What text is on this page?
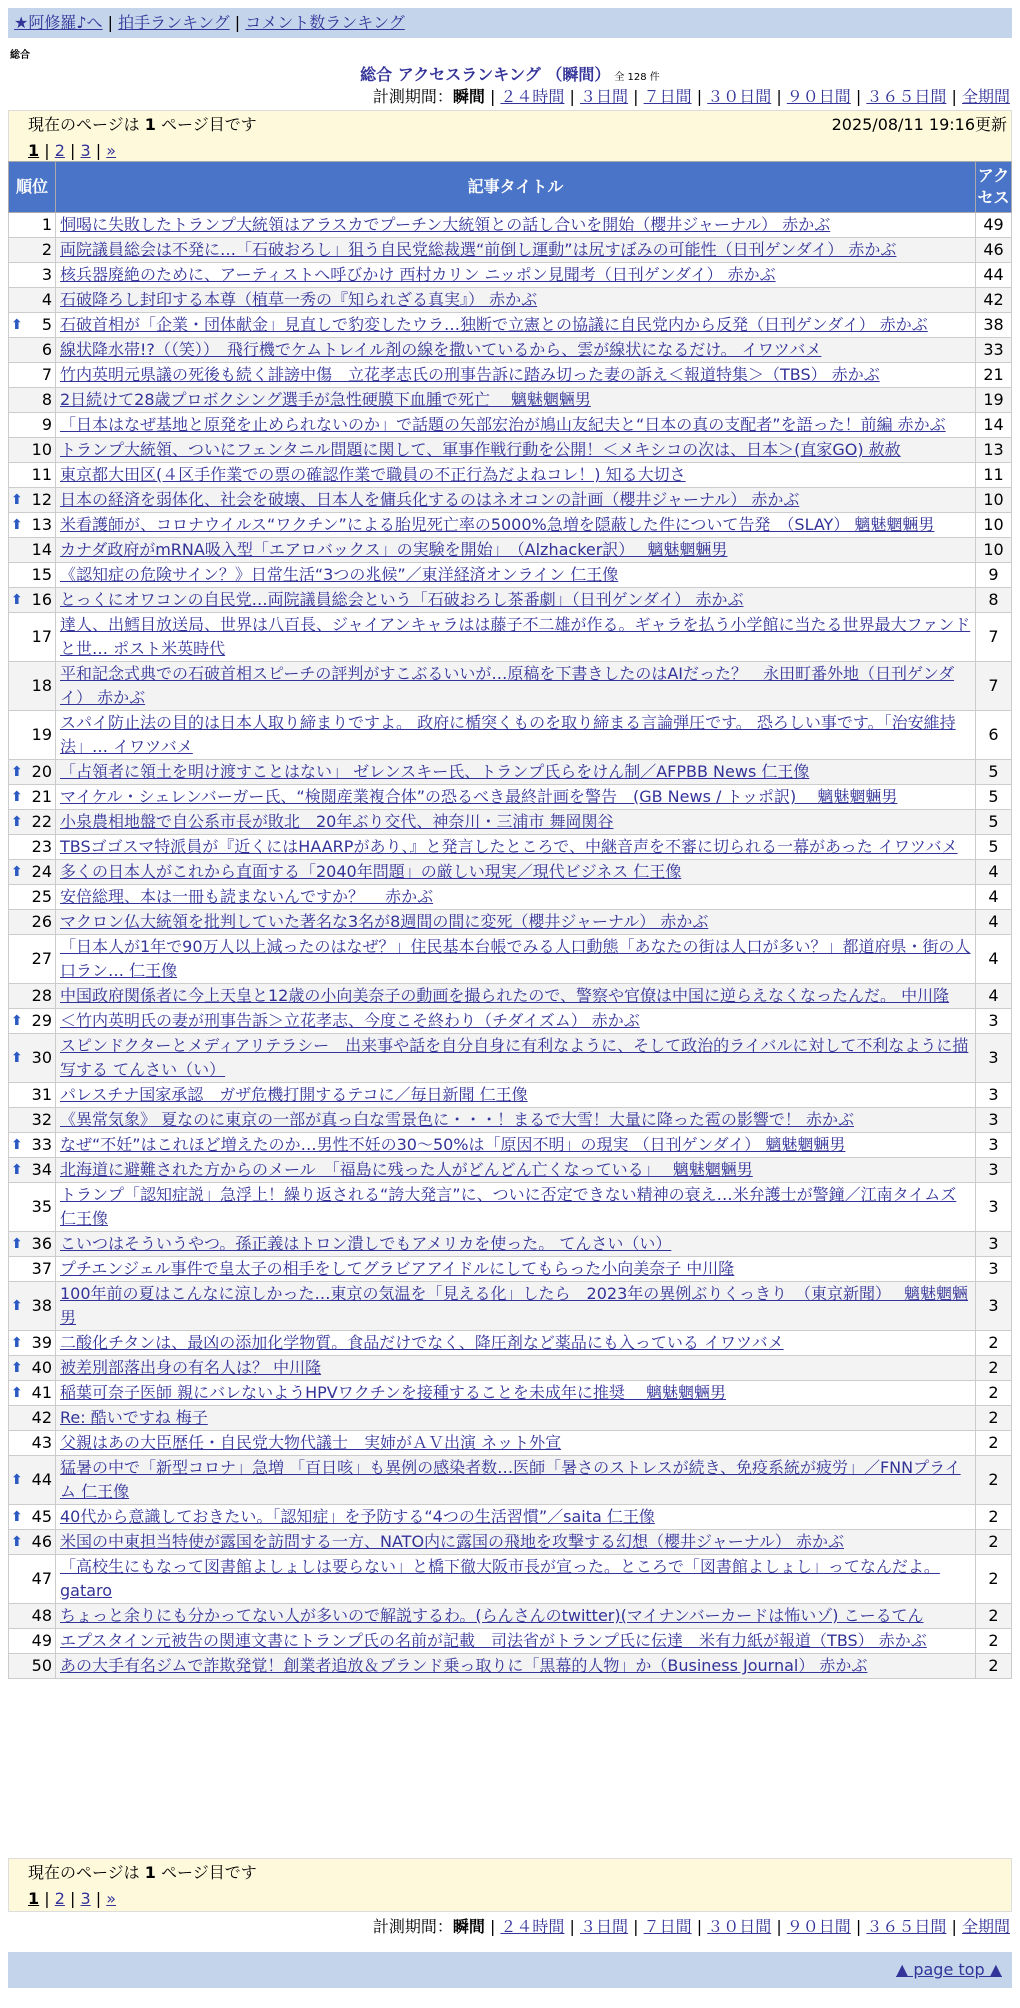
★阿修羅♪へ | 拍手ランキング | コメント数ランキング
総合
総合 アクセスランキング （瞬間） 全 128 件
計測期間：瞬間 | ２４時間 | ３日間 | ７日間 | ３０日間 | ９０日間 | ３６５日間 | 全期間
現在のページは 1 ページ目です	2025/08/11 19:16更新
1 | 2 | 3 | »
順位	記事タイトル	アクセス
1	恫喝に失敗したトランプ大統領はアラスカでプーチン大統領との話し合いを開始（櫻井ジャーナル） 赤かぶ	49
2	両院議員総会は不発に…「石破おろし」狙う自民党総裁選“前倒し運動”は尻すぼみの可能性（日刊ゲンダイ） 赤かぶ	46
3	核兵器廃絶のために、アーティストへ呼びかけ 西村カリン ニッポン見聞考（日刊ゲンダイ） 赤かぶ	44
4	石破降ろし封印する本尊（植草一秀の『知られざる真実』） 赤かぶ	42

⬆ 5	石破首相が「企業・団体献金」見直しで豹変したウラ…独断で立憲との協議に自民党内から反発（日刊ゲンダイ） 赤かぶ	38
6	線状降水帯!?（（笑））　飛行機でケムトレイル剤の線を撒いているから、雲が線状になるだけ。 イワツバメ	33
7	竹内英明元県議の死後も続く誹謗中傷　立花孝志氏の刑事告訴に踏み切った妻の訴え＜報道特集＞（TBS） 赤かぶ	21
8	2日続けて28歳プロボクシング選手が急性硬膜下血腫で死亡　 魑魅魍魎男	19
9	「日本はなぜ基地と原発を止められないのか」で話題の矢部宏治が鳩山友紀夫と“日本の真の支配者”を語った！前編 赤かぶ	14
10	トランプ大統領、ついにフェンタニル問題に関して、軍事作戦行動を公開！＜メキシコの次は、日本＞(直家GO) 赦赦	13
11	東京都大田区(４区手作業での票の確認作業で職員の不正行為だよねコレ！) 知る大切さ	11

⬆ 12	日本の経済を弱体化、社会を破壊、日本人を傭兵化するのはネオコンの計画（櫻井ジャーナル） 赤かぶ	10

⬆ 13	米看護師が、コロナウイルス“ワクチン”による胎児死亡率の5000%急増を隠蔽した件について告発　（SLAY） 魑魅魍魎男	10
14	カナダ政府がmRNA吸入型「エアロバックス」の実験を開始」　（Alzhacker訳）　 魑魅魍魎男	10
15	《認知症の危険サイン？》日常生活“3つの兆候”／東洋経済オンライン 仁王像	9

⬆ 16	とっくにオワコンの自民党…両院議員総会という「石破おろし茶番劇」（日刊ゲンダイ） 赤かぶ	8
17	達人、出鱈目放送局、世界は八百長、ジャイアンキャラはは藤子不二雄が作る。ギャラを払う小学館に当たる世界最大ファンドと世… ポスト米英時代	7
18	平和記念式典での石破首相スピーチの評判がすこぶるいいが…原稿を下書きしたのはAIだった？　永田町番外地（日刊ゲンダイ） 赤かぶ	7
19	スパイ防止法の目的は日本人取り締まりですよ。 政府に楯突くものを取り締まる言論弾圧です。 恐ろしい事です。「治安維持法」… イワツバメ	6

⬆ 20	「占領者に領土を明け渡すことはない」 ゼレンスキー氏、トランプ氏らをけん制／AFPBB News 仁王像	5

⬆ 21	マイケル・シェレンバーガー氏、“検閲産業複合体”の恐るべき最終計画を警告　(GB News / トッポ訳)　 魑魅魍魎男	5

⬆ 22	小泉農相地盤で自公系市長が敗北　20年ぶり交代、神奈川・三浦市 舞岡関谷	5
23	TBSゴゴスマ特派員が『近くにはHAARPがあり、』と発言したところで、中継音声を不審に切られる一幕があった イワツバメ	5

⬆ 24	多くの日本人がこれから直面する「2040年問題」の厳しい現実／現代ビジネス 仁王像	4
25	安倍総理、本は一冊も読まないんですか？　 赤かぶ	4
26	マクロン仏大統領を批判していた著名な3名が8週間の間に変死（櫻井ジャーナル） 赤かぶ	4
27	「日本人が1年で90万人以上減ったのはなぜ？」住民基本台帳でみる人口動態「あなたの街は人口が多い？」都道府県・街の人口ラン… 仁王像	4
28	中国政府関係者に今上天皇と12歳の小向美奈子の動画を撮られたので、警察や官僚は中国に逆らえなくなったんだ。 中川隆	4

⬆ 29	＜竹内英明氏の妻が刑事告訴＞立花孝志、今度こそ終わり（チダイズム） 赤かぶ	3

⬆ 30	スピンドクターとメディアリテラシー　出来事や話を自分自身に有利なように、そして政治的ライバルに対して不利なように描写する てんさい（い）	3
31	パレスチナ国家承認　ガザ危機打開するテコに／毎日新聞 仁王像	3
32	《異常気象》 夏なのに東京の一部が真っ白な雪景色に・・・！まるで大雪！大量に降った雹の影響で！ 赤かぶ	3

⬆ 33	なぜ“不妊”はこれほど増えたのか…男性不妊の30～50%は「原因不明」の現実 （日刊ゲンダイ） 魑魅魍魎男	3

⬆ 34	北海道に避難された方からのメール　「福島に残った人がどんどん亡くなっている」　 魑魅魍魎男	3
35	トランプ「認知症説」急浮上！繰り返される“誇大発言”に、ついに否定できない精神の衰え…米弁護士が警鐘／江南タイムズ 仁王像	3

⬆ 36	こいつはそういうやつ。孫正義はトロン潰しでもアメリカを使った。 てんさい（い）	3
37	プチエンジェル事件で皇太子の相手をしてグラビアアイドルにしてもらった小向美奈子 中川隆	3

⬆ 38	100年前の夏はこんなに涼しかった…東京の気温を「見える化」したら　2023年の異例ぶりくっきり　（東京新聞）　 魑魅魍魎男	3

⬆ 39	二酸化チタンは、最凶の添加化学物質。食品だけでなく、降圧剤など薬品にも入っている イワツバメ	2

⬆ 40	被差別部落出身の有名人は？ 中川隆	2

⬆ 41	稲葉可奈子医師 親にバレないようHPVワクチンを接種することを未成年に推奨　 魑魅魍魎男	2
42	Re: 酷いですね 梅子	2
43	父親はあの大臣歴任・自民党大物代議士　実姉がＡＶ出演 ネット外宣	2

⬆ 44	猛暑の中で「新型コロナ」急増 「百日咳」も異例の感染者数…医師「暑さのストレスが続き、免疫系統が疲労」／FNNプライム 仁王像	2

⬆ 45	40代から意識しておきたい。「認知症」を予防する“4つの生活習慣”／saita 仁王像	2

⬆ 46	米国の中東担当特使が露国を訪問する一方、NATO内に露国の飛地を攻撃する幻想（櫻井ジャーナル） 赤かぶ	2
47	「高校生にもなって図書館よしょしは要らない」と橋下徹大阪市長が宣った。ところで「図書館よしょし」ってなんだよ。 gataro	2
48	ちょっと余りにも分かってない人が多いので解説するわ。(らんさんのtwitter)(マイナンバーカードは怖いゾ) こーるてん	2
49	エプスタイン元被告の関連文書にトランプ氏の名前が記載　司法省がトランプ氏に伝達　米有力紙が報道（TBS） 赤かぶ	2
50	あの大手有名ジムで詐欺発覚！創業者追放＆ブランド乗っ取りに「黒幕的人物」か（Business Journal） 赤かぶ	2
現在のページは 1 ページ目です
1 | 2 | 3 | »
計測期間：瞬間 | ２４時間 | ３日間 | ７日間 | ３０日間 | ９０日間 | ３６５日間 | 全期間
▲ page top ▲
